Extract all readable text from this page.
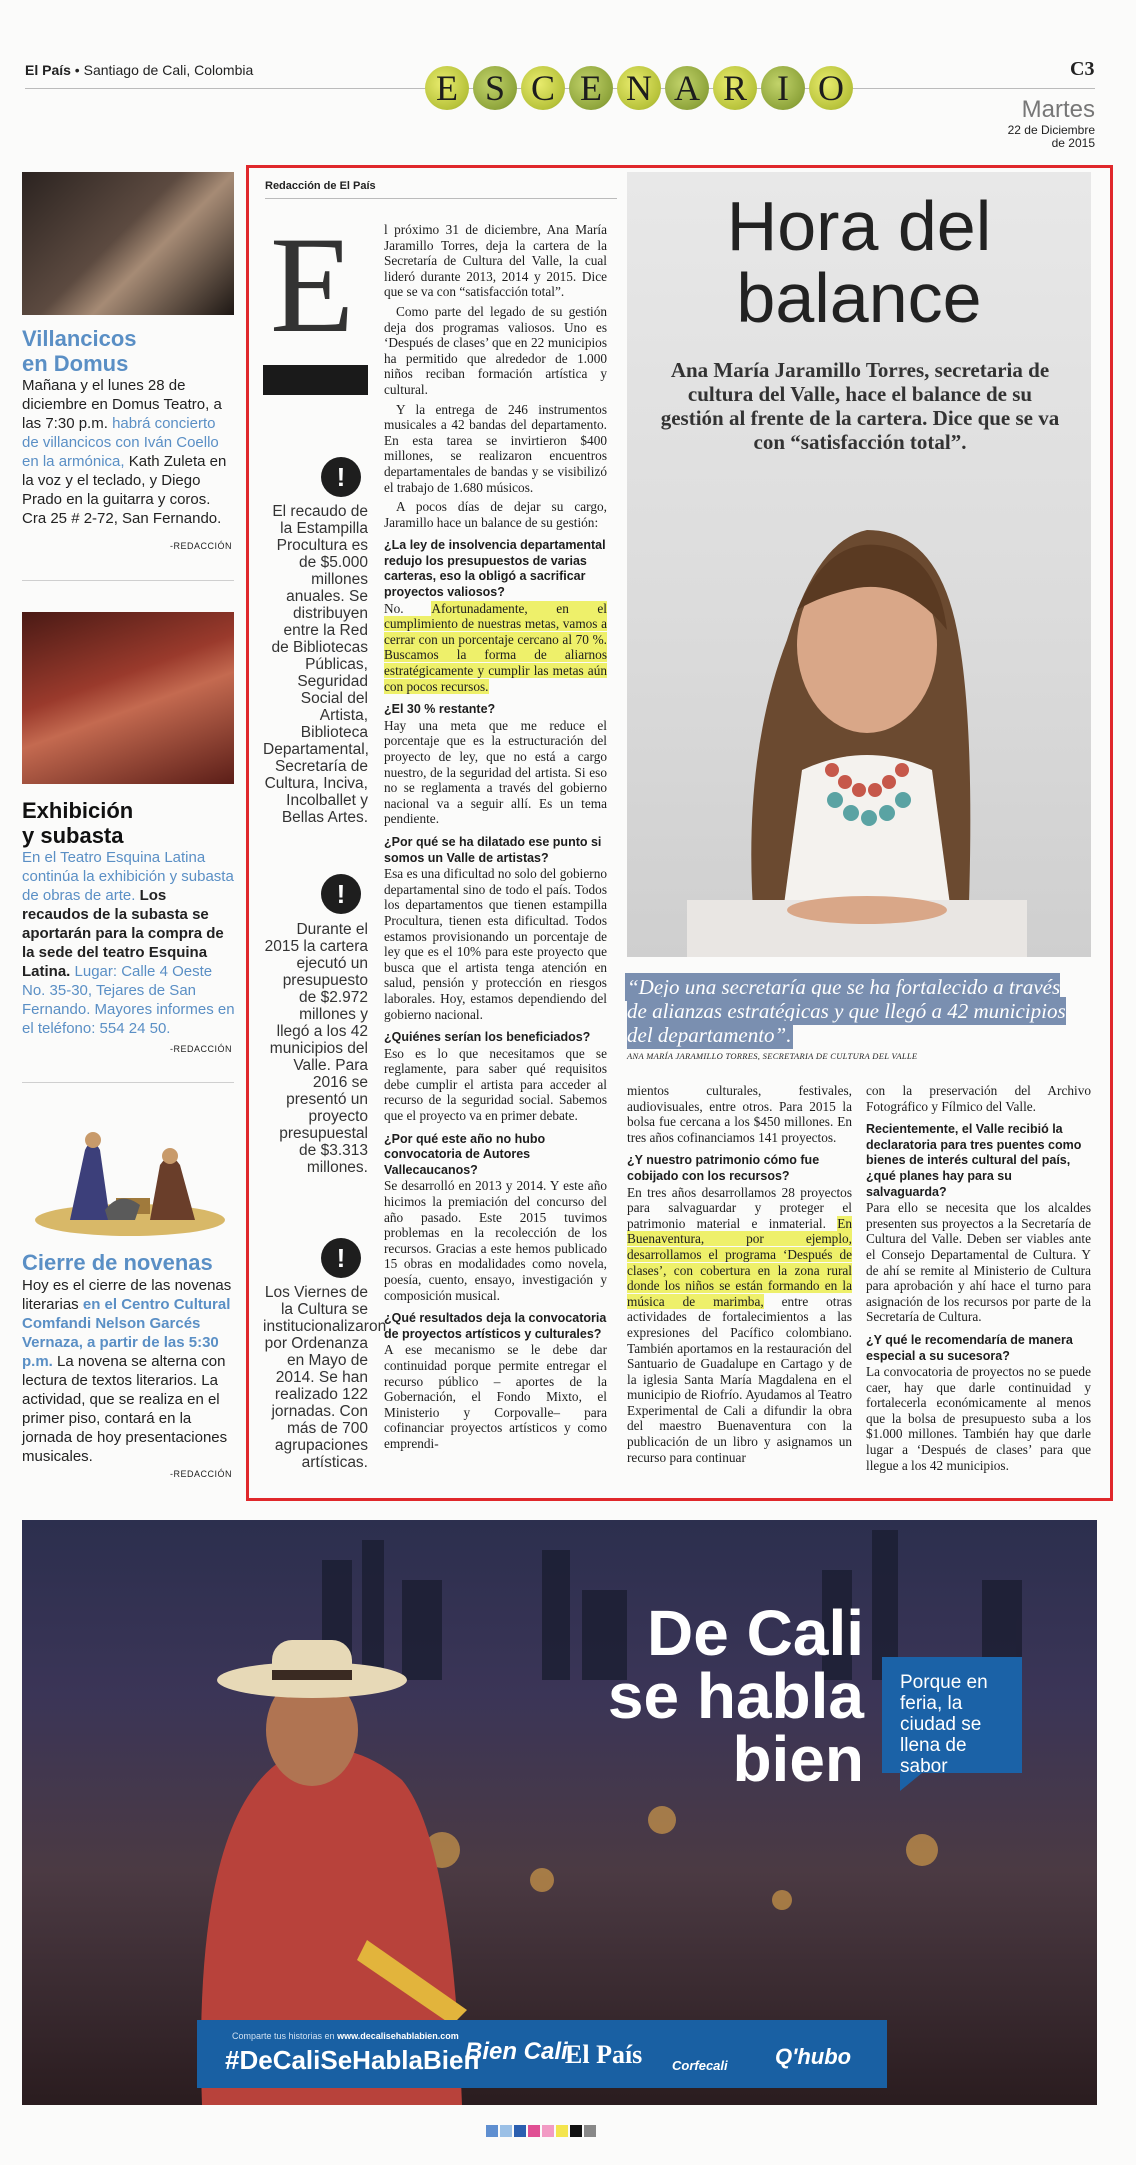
El País • Santiago de Cali, Colombia	E S C E N A R I O	C3
Martes
22 de Diciembre
de 2015
Villancicos
en Domus
Mañana y el lunes 28 de diciembre en Domus Teatro, a las 7:30 p.m. habrá concierto de villancicos con Iván Coello en la armónica, Kath Zuleta en la voz y el teclado, y Diego Prado en la guitarra y coros. Cra 25 # 2-72, San Fernando.
-REDACCIÓN
Exhibición
y subasta
En el Teatro Esquina Latina continúa la exhibición y subasta de obras de arte. Los recaudos de la subasta se aportarán para la compra de la sede del teatro Esquina Latina. Lugar: Calle 4 Oeste No. 35-30, Tejares de San Fernando. Mayores informes en el teléfono: 554 24 50.
-REDACCIÓN
Cierre de novenas
Hoy es el cierre de las novenas literarias en el Centro Cultural Comfandi Nelson Garcés Vernaza, a partir de las 5:30 p.m. La novena se alterna con lectura de textos literarios. La actividad, que se realiza en el primer piso, contará en la jornada de hoy presentaciones musicales.
-REDACCIÓN
Redacción de El País
E
!
El recaudo de la Estampilla Procultura es de $5.000 millones anuales. Se distribuyen entre la Red de Bibliotecas Públicas, Seguridad Social del Artista, Biblioteca Departamental, Secretaría de Cultura, Inciva, Incolballet y Bellas Artes.
!
Durante el 2015 la cartera ejecutó un presupuesto de $2.972 millones y llegó a los 42 municipios del Valle. Para 2016 se presentó un proyecto presupuestal de $3.313 millones.
!
Los Viernes de la Cultura se institucionalizaron por Ordenanza en Mayo de 2014. Se han realizado 122 jornadas. Con más de 700 agrupaciones artísticas.

l próximo 31 de diciembre, Ana María Jaramillo Torres, deja la cartera de la Secretaría de Cultura del Valle, la cual lideró durante 2013, 2014 y 2015. Dice que se va con “satisfacción total”.

Como parte del legado de su gestión deja dos programas valiosos. Uno es ‘Después de clases’ que en 22 municipios ha permitido que alrededor de 1.000 niños reciban formación artística y cultural.

Y la entrega de 246 instrumentos musicales a 42 bandas del departamento. En esta tarea se invirtieron $400 millones, se realizaron encuentros departamentales de bandas y se visibilizó el trabajo de 1.680 músicos.

A pocos días de dejar su cargo, Jaramillo hace un balance de su gestión:

¿La ley de insolvencia departamental redujo los presupuestos de varias carteras, eso la obligó a sacrificar proyectos valiosos?

No. Afortunadamente, en el cumplimiento de nuestras metas, vamos a cerrar con un porcentaje cercano al 70 %. Buscamos la forma de aliarnos estratégicamente y cumplir las metas aún con pocos recursos.

¿El 30 % restante?

Hay una meta que me reduce el porcentaje que es la estructuración del proyecto de ley, que no está a cargo nuestro, de la seguridad del artista. Si eso no se reglamenta a través del gobierno nacional va a seguir allí. Es un tema pendiente.

¿Por qué se ha dilatado ese punto si somos un Valle de artistas?

Esa es una dificultad no solo del gobierno departamental sino de todo el país. Todos los departamentos que tienen estampilla Procultura, tienen esta dificultad. Todos estamos provisionando un porcentaje de ley que es el 10% para este proyecto que busca que el artista tenga atención en salud, pensión y protección en riesgos laborales. Hoy, estamos dependiendo del gobierno nacional.

¿Quiénes serían los beneficiados?

Eso es lo que necesitamos que se reglamente, para saber qué requisitos debe cumplir el artista para acceder al recurso de la seguridad social. Sabemos que el proyecto va en primer debate.

¿Por qué este año no hubo convocatoria de Autores Vallecaucanos?

Se desarrolló en 2013 y 2014. Y este año hicimos la premiación del concurso del año pasado. Este 2015 tuvimos problemas en la recolección de los recursos. Gracias a este hemos publicado 15 obras en modalidades como novela, poesía, cuento, ensayo, investigación y composición musical.

¿Qué resultados deja la convocatoria de proyectos artísticos y culturales?

A ese mecanismo se le debe dar continuidad porque permite entregar el recurso público – aportes de la Gobernación, el Fondo Mixto, el Ministerio y Corpovalle– para cofinanciar proyectos artísticos y como emprendi-

Hora del
balance
Ana María Jaramillo Torres, secretaria de cultura del Valle, hace el balance de su gestión al frente de la cartera. Dice que se va con “satisfacción total”.
“Dejo una secretaría que se ha fortalecido a través de alianzas estratégicas y que llegó a 42 municipios del departamento”.
ANA MARÍA JARAMILLO TORRES, SECRETARIA DE CULTURA DEL VALLE

mientos culturales, festivales, audiovisuales, entre otros. Para 2015 la bolsa fue cercana a los $450 millones. En tres años cofinanciamos 141 proyectos.

¿Y nuestro patrimonio cómo fue cobijado con los recursos?

En tres años desarrollamos 28 proyectos para salvaguardar y proteger el patrimonio material e inmaterial. En Buenaventura, por ejemplo, desarrollamos el programa ‘Después de clases’, con cobertura en la zona rural donde los niños se están formando en la música de marimba, entre otras actividades de fortalecimientos a las expresiones del Pacífico colombiano. También aportamos en la restauración del Santuario de Guadalupe en Cartago y de la iglesia Santa María Magdalena en el municipio de Riofrío. Ayudamos al Teatro Experimental de Cali a difundir la obra del maestro Buenaventura con la publicación de un libro y asignamos un recurso para continuar

con la preservación del Archivo Fotográfico y Fílmico del Valle.

Recientemente, el Valle recibió la declaratoria para tres puentes como bienes de interés cultural del país, ¿qué planes hay para su salvaguarda?

Para ello se necesita que los alcaldes presenten sus proyectos a la Secretaría de Cultura del Valle. Deben ser viables ante el Consejo Departamental de Cultura. Y de ahí se remite al Ministerio de Cultura para aprobación y ahí hace el turno para asignación de los recursos por parte de la Secretaría de Cultura.

¿Y qué le recomendaría de manera especial a su sucesora?

La convocatoria de proyectos no se puede caer, hay que darle continuidad y fortalecerla económicamente al menos que la bolsa de presupuesto suba a los $1.000 millones. También hay que darle lugar a ‘Después de clases’ para que llegue a los 42 municipios.

De Cali
se habla
bien
Porque en feria, la ciudad se llena de sabor
Comparte tus historias en www.decalisehablabien.com
#DeCaliSeHablaBien
Bien Cali
El País Corfecali Q'hubo
